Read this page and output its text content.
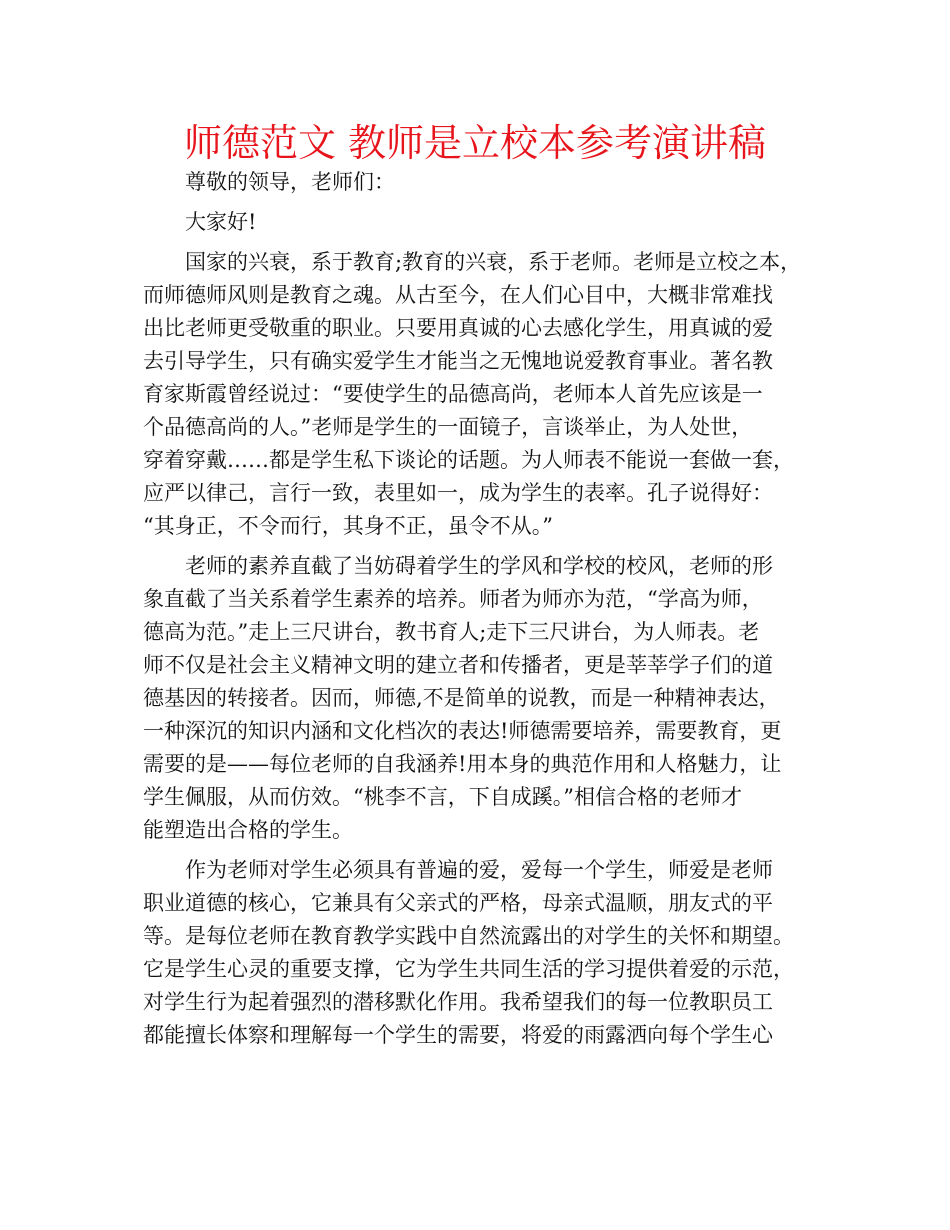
师德范文 教师是立校本参考演讲稿
尊敬的领导，老师们：
大家好!
国家的兴衰，系于教育;教育的兴衰，系于老师。老师是立校之本，
而师德师风则是教育之魂。从古至今，在人们心目中，大概非常难找
出比老师更受敬重的职业。只要用真诚的心去感化学生，用真诚的爱
去引导学生，只有确实爱学生才能当之无愧地说爱教育事业。著名教
育家斯霞曾经说过：“要使学生的品德高尚，老师本人首先应该是一
个品德高尚的人。”老师是学生的一面镜子，言谈举止，为人处世，
穿着穿戴……都是学生私下谈论的话题。为人师表不能说一套做一套，
应严以律己，言行一致，表里如一，成为学生的表率。孔子说得好：
“其身正，不令而行，其身不正，虽令不从。”
老师的素养直截了当妨碍着学生的学风和学校的校风，老师的形
象直截了当关系着学生素养的培养。师者为师亦为范，“学高为师，
德高为范。”走上三尺讲台，教书育人;走下三尺讲台，为人师表。老
师不仅是社会主义精神文明的建立者和传播者，更是莘莘学子们的道
德基因的转接者。因而，师德,不是简单的说教，而是一种精神表达，
一种深沉的知识内涵和文化档次的表达!师德需要培养，需要教育，更
需要的是——每位老师的自我涵养!用本身的典范作用和人格魅力，让
学生佩服，从而仿效。“桃李不言，下自成蹊。”相信合格的老师才
能塑造出合格的学生。
作为老师对学生必须具有普遍的爱，爱每一个学生，师爱是老师
职业道德的核心，它兼具有父亲式的严格，母亲式温顺，朋友式的平
等。是每位老师在教育教学实践中自然流露出的对学生的关怀和期望。
它是学生心灵的重要支撑，它为学生共同生活的学习提供着爱的示范，
对学生行为起着强烈的潜移默化作用。我希望我们的每一位教职员工
都能擅长体察和理解每一个学生的需要，将爱的雨露洒向每个学生心
